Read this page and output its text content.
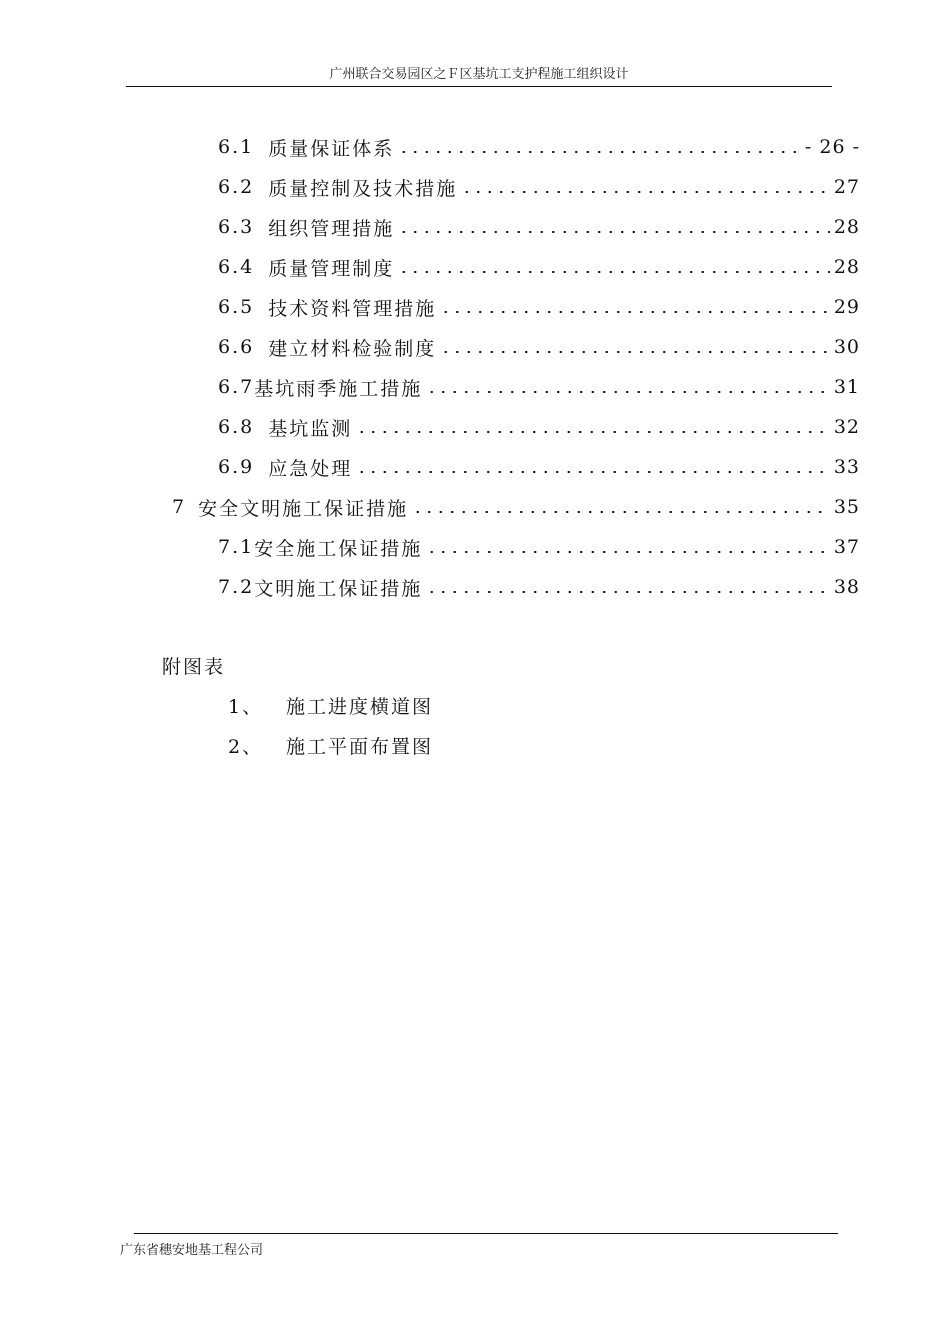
广州联合交易园区之Ｆ区基坑工支护程施工组织设计
6.1 质量保证体系	- 26 -
6.2 质量控制及技术措施	27
6.3 组织管理措施	28
6.4 质量管理制度	28
6.5 技术资料管理措施	29
6.6 建立材料检验制度	30
6.7 基坑雨季施工措施	31
6.8 基坑监测	32
6.9 应急处理	33
7 安全文明施工保证措施	35
7.1 安全施工保证措施	37
7.2 文明施工保证措施	38
附图表
1、 施工进度横道图
2、 施工平面布置图
广东省穗安地基工程公司
